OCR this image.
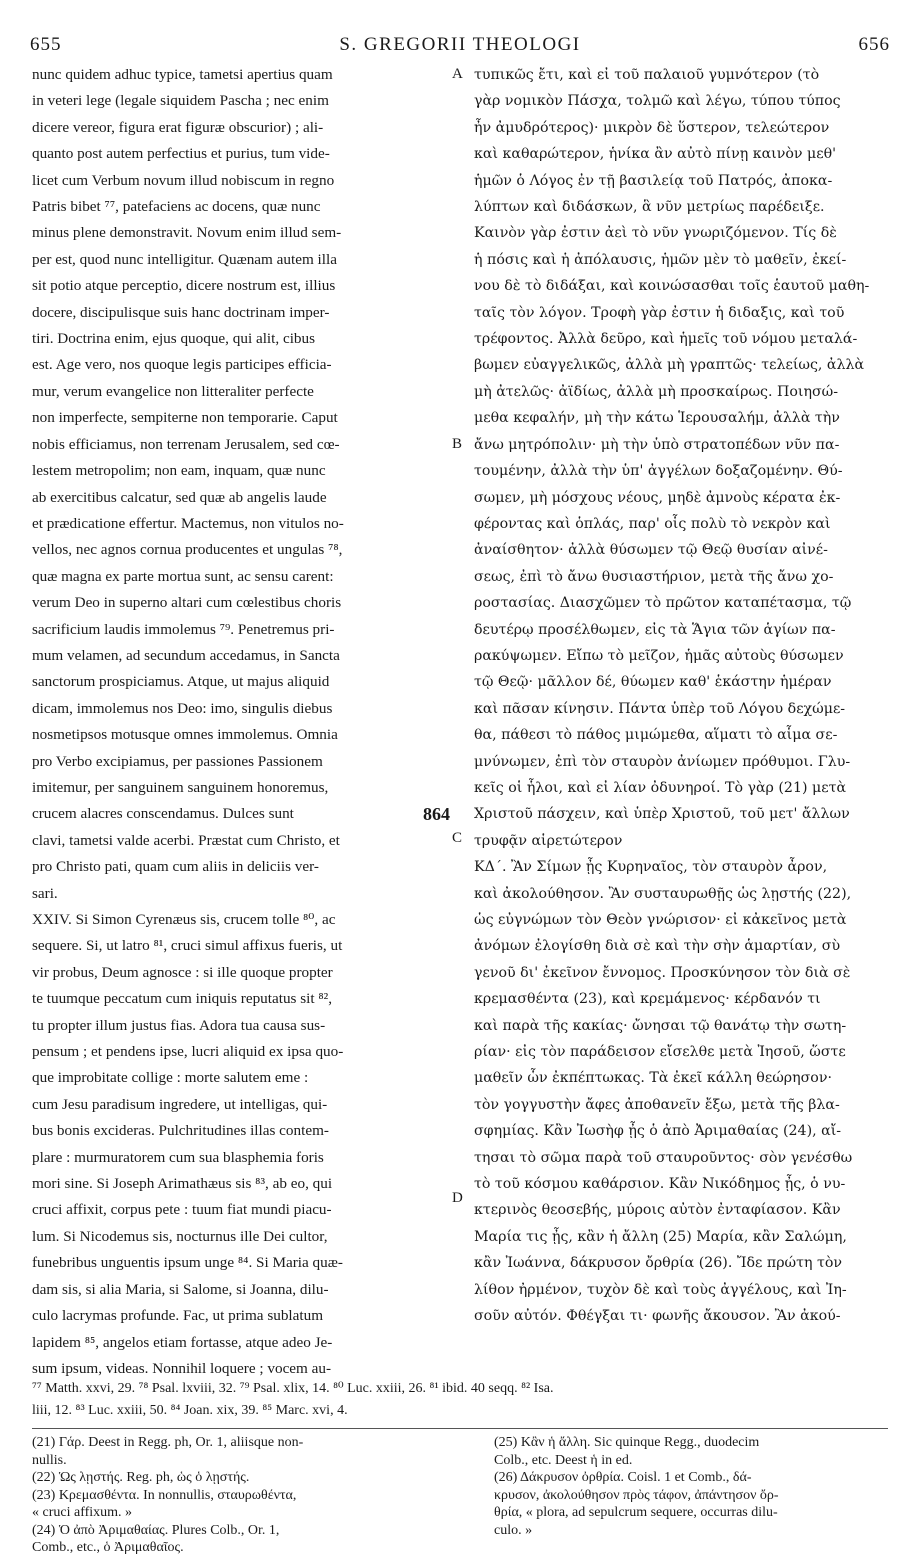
655	S. GREGORII THEOLOGI	656
A
B
C
D
nunc quidem adhuc typice, tametsi apertius quam
in veteri lege (legale siquidem Pascha ; nec enim
dicere vereor, figura erat figuræ obscurior) ; ali-
quanto post autem perfectius et purius, tum vide-
licet cum Verbum novum illud nobiscum in regno
Patris bibet ⁷⁷, patefaciens ac docens, quæ nunc
minus plene demonstravit. Novum enim illud sem-
per est, quod nunc intelligitur. Quænam autem illa
sit potio atque perceptio, dicere nostrum est, illius
docere, discipulisque suis hanc doctrinam imper-
tiri. Doctrina enim, ejus quoque, qui alit, cibus
est. Age vero, nos quoque legis participes efficia-
mur, verum evangelice non litteraliter perfecte
non imperfecte, sempiterne non temporarie. Caput
nobis efficiamus, non terrenam Jerusalem, sed cœ-
lestem metropolim; non eam, inquam, quæ nunc
ab exercitibus calcatur, sed quæ ab angelis laude
et prædicatione effertur. Mactemus, non vitulos no-
vellos, nec agnos cornua producentes et ungulas ⁷⁸,
quæ magna ex parte mortua sunt, ac sensu carent:
verum Deo in superno altari cum cœlestibus choris
sacrificium laudis immolemus ⁷⁹. Penetremus pri-
mum velamen, ad secundum accedamus, in Sancta
sanctorum prospiciamus. Atque, ut majus aliquid
dicam, immolemus nos Deo: imo, singulis diebus
nosmetipsos motusque omnes immolemus. Omnia
pro Verbo excipiamus, per passiones Passionem
imitemur, per sanguinem sanguinem honoremus,
crucem alacres conscendamus. Dulces sunt	864
clavi, tametsi valde acerbi. Præstat cum Christo, et
pro Christo pati, quam cum aliis in deliciis ver-
sari.
XXIV. Si Simon Cyrenæus sis, crucem tolle ⁸⁰, ac
sequere. Si, ut latro ⁸¹, cruci simul affixus fueris, ut
vir probus, Deum agnosce : si ille quoque propter
te tuumque peccatum cum iniquis reputatus sit ⁸²,
tu propter illum justus fias. Adora tua causa sus-
pensum ; et pendens ipse, lucri aliquid ex ipsa quo-
que improbitate collige : morte salutem eme :
cum Jesu paradisum ingredere, ut intelligas, qui-
bus bonis excideras. Pulchritudines illas contem-
plare : murmuratorem cum sua blasphemia foris
mori sine. Si Joseph Arimathæus sis ⁸³, ab eo, qui
cruci affixit, corpus pete : tuum fiat mundi piacu-
lum. Si Nicodemus sis, nocturnus ille Dei cultor,
funebribus unguentis ipsum unge ⁸⁴. Si Maria quæ-
dam sis, si alia Maria, si Salome, si Joanna, dilu-
culo lacrymas profunde. Fac, ut prima sublatum
lapidem ⁸⁵, angelos etiam fortasse, atque adeo Je-
sum ipsum, videas. Nonnihil loquere ; vocem au-
τυπικῶς ἔτι, καὶ εἰ τοῦ παλαιοῦ γυμνότερον (τὸ
γὰρ νομικὸν Πάσχα, τολμῶ καὶ λέγω, τύπου τύπος
ἦν ἀμυδρότερος)· μικρὸν δὲ ὕστερον, τελεώτερον
καὶ καθαρώτερον, ἡνίκα ἂν αὐτὸ πίνῃ καινὸν μεθ'
ἡμῶν ὁ Λόγος ἐν τῇ βασιλείᾳ τοῦ Πατρός, ἀποκα-
λύπτων καὶ διδάσκων, ἃ νῦν μετρίως παρέδειξε.
Καινὸν γὰρ ἐστιν ἀεὶ τὸ νῦν γνωριζόμενον. Τίς δὲ
ἡ πόσις καὶ ἡ ἀπόλαυσις, ἡμῶν μὲν τὸ μαθεῖν, ἐκεί-
νου δὲ τὸ διδάξαι, καὶ κοινώσασθαι τοῖς ἑαυτοῦ μαθη-
ταῖς τὸν λόγον. Τροφὴ γὰρ ἐστιν ἡ διδαξις, καὶ τοῦ
τρέφοντος. Ἀλλὰ δεῦρο, καὶ ἡμεῖς τοῦ νόμου μεταλά-
βωμεν εὐαγγελικῶς, ἀλλὰ μὴ γραπτῶς· τελείως, ἀλλὰ
μὴ ἀτελῶς· ἀϊδίως, ἀλλὰ μὴ προσκαίρως. Ποιησώ-
μεθα κεφαλήν, μὴ τὴν κάτω Ἱερουσαλήμ, ἀλλὰ τὴν
ἄνω μητρόπολιν· μὴ τὴν ὑπὸ στρατοπέδων νῦν πα-
τουμένην, ἀλλὰ τὴν ὑπ' ἀγγέλων δοξαζομένην. Θύ-
σωμεν, μὴ μόσχους νέους, μηδὲ ἀμνοὺς κέρατα ἐκ-
φέροντας καὶ ὁπλάς, παρ' οἷς πολὺ τὸ νεκρὸν καὶ
ἀναίσθητον· ἀλλὰ θύσωμεν τῷ Θεῷ θυσίαν αἰνέ-
σεως, ἐπὶ τὸ ἄνω θυσιαστήριον, μετὰ τῆς ἄνω χο-
ροστασίας. Διασχῶμεν τὸ πρῶτον καταπέτασμα, τῷ
δευτέρῳ προσέλθωμεν, εἰς τὰ Ἅγια τῶν ἁγίων πα-
ρακύψωμεν. Εἴπω τὸ μεῖζον, ἡμᾶς αὐτοὺς θύσωμεν
τῷ Θεῷ· μᾶλλον δέ, θύωμεν καθ' ἑκάστην ἡμέραν
καὶ πᾶσαν κίνησιν. Πάντα ὑπὲρ τοῦ Λόγου δεχώμε-
θα, πάθεσι τὸ πάθος μιμώμεθα, αἵματι τὸ αἷμα σε-
μνύνωμεν, ἐπὶ τὸν σταυρὸν ἀνίωμεν πρόθυμοι. Γλυ-
κεῖς οἱ ἧλοι, καὶ εἰ λίαν ὀδυνηροί. Τὸ γὰρ (21) μετὰ
Χριστοῦ πάσχειν, καὶ ὑπὲρ Χριστοῦ, τοῦ μετ' ἄλλων
τρυφᾷν αἱρετώτερον
ΚΔ΄. Ἂν Σίμων ᾖς Κυρηναῖος, τὸν σταυρὸν ἆρον,
καὶ ἀκολούθησον. Ἂν συσταυρωθῇς ὡς λῃστής (22),
ὡς εὐγνώμων τὸν Θεὸν γνώρισον· εἰ κἀκεῖνος μετὰ
ἀνόμων ἐλογίσθη διὰ σὲ καὶ τὴν σὴν ἁμαρτίαν, σὺ
γενοῦ δι' ἐκεῖνον ἔννομος. Προσκύνησον τὸν διὰ σὲ
κρεμασθέντα (23), καὶ κρεμάμενος· κέρδανόν τι
καὶ παρὰ τῆς κακίας· ὤνησαι τῷ θανάτῳ τὴν σωτη-
ρίαν· εἰς τὸν παράδεισον εἴσελθε μετὰ Ἰησοῦ, ὥστε
μαθεῖν ὧν ἐκπέπτωκας. Τὰ ἐκεῖ κάλλη θεώρησον·
τὸν γογγυστὴν ἄφες ἀποθανεῖν ἔξω, μετὰ τῆς βλα-
σφημίας. Κἂν Ἰωσὴφ ᾖς ὁ ἀπὸ Ἀριμαθαίας (24), αἴ-
τησαι τὸ σῶμα παρὰ τοῦ σταυροῦντος· σὸν γενέσθω
τὸ τοῦ κόσμου καθάρσιον. Κἂν Νικόδημος ᾖς, ὁ νυ-
κτερινὸς θεοσεβής, μύροις αὐτὸν ἐνταφίασον. Κἂν
Μαρία τις ᾖς, κἂν ἡ ἄλλη (25) Μαρία, κἂν Σαλώμη,
κἂν Ἰωάννα, δάκρυσον ὄρθρία (26). Ἴδε πρώτη τὸν
λίθον ἠρμένον, τυχὸν δὲ καὶ τοὺς ἀγγέλους, καὶ Ἰη-
σοῦν αὐτόν. Φθέγξαι τι· φωνῆς ἄκουσον. Ἂν ἀκού-
⁷⁷ Matth. xxvi, 29. ⁷⁸ Psal. lxviii, 32. ⁷⁹ Psal. xlix, 14. ⁸⁰ Luc. xxiii, 26. ⁸¹ ibid. 40 seqq. ⁸² Isa.
liii, 12. ⁸³ Luc. xxiii, 50. ⁸⁴ Joan. xix, 39. ⁸⁵ Marc. xvi, 4.
(21) Γάρ. Deest in Regg. ph, Or. 1, aliisque non-
nullis.
(22) Ὡς λῃστής. Reg. ph, ὡς ὁ λῃστής.
(23) Κρεμασθέντα. In nonnullis, σταυρωθέντα,
« cruci affixum. »
(24) Ὁ ἀπὸ Ἀριμαθαίας. Plures Colb., Or. 1,
Comb., etc., ὁ Ἀριμαθαῖος.
(25) Κἂν ἡ ἄλλη. Sic quinque Regg., duodecim
Colb., etc. Deest ἡ in ed.
(26) Δάκρυσον ὀρθρία. Coisl. 1 et Comb., δά-
κρυσον, ἀκολούθησον πρὸς τάφον, ἀπάντησον ὄρ-
θρία, « plora, ad sepulcrum sequere, occurras dilu-
culo. »
